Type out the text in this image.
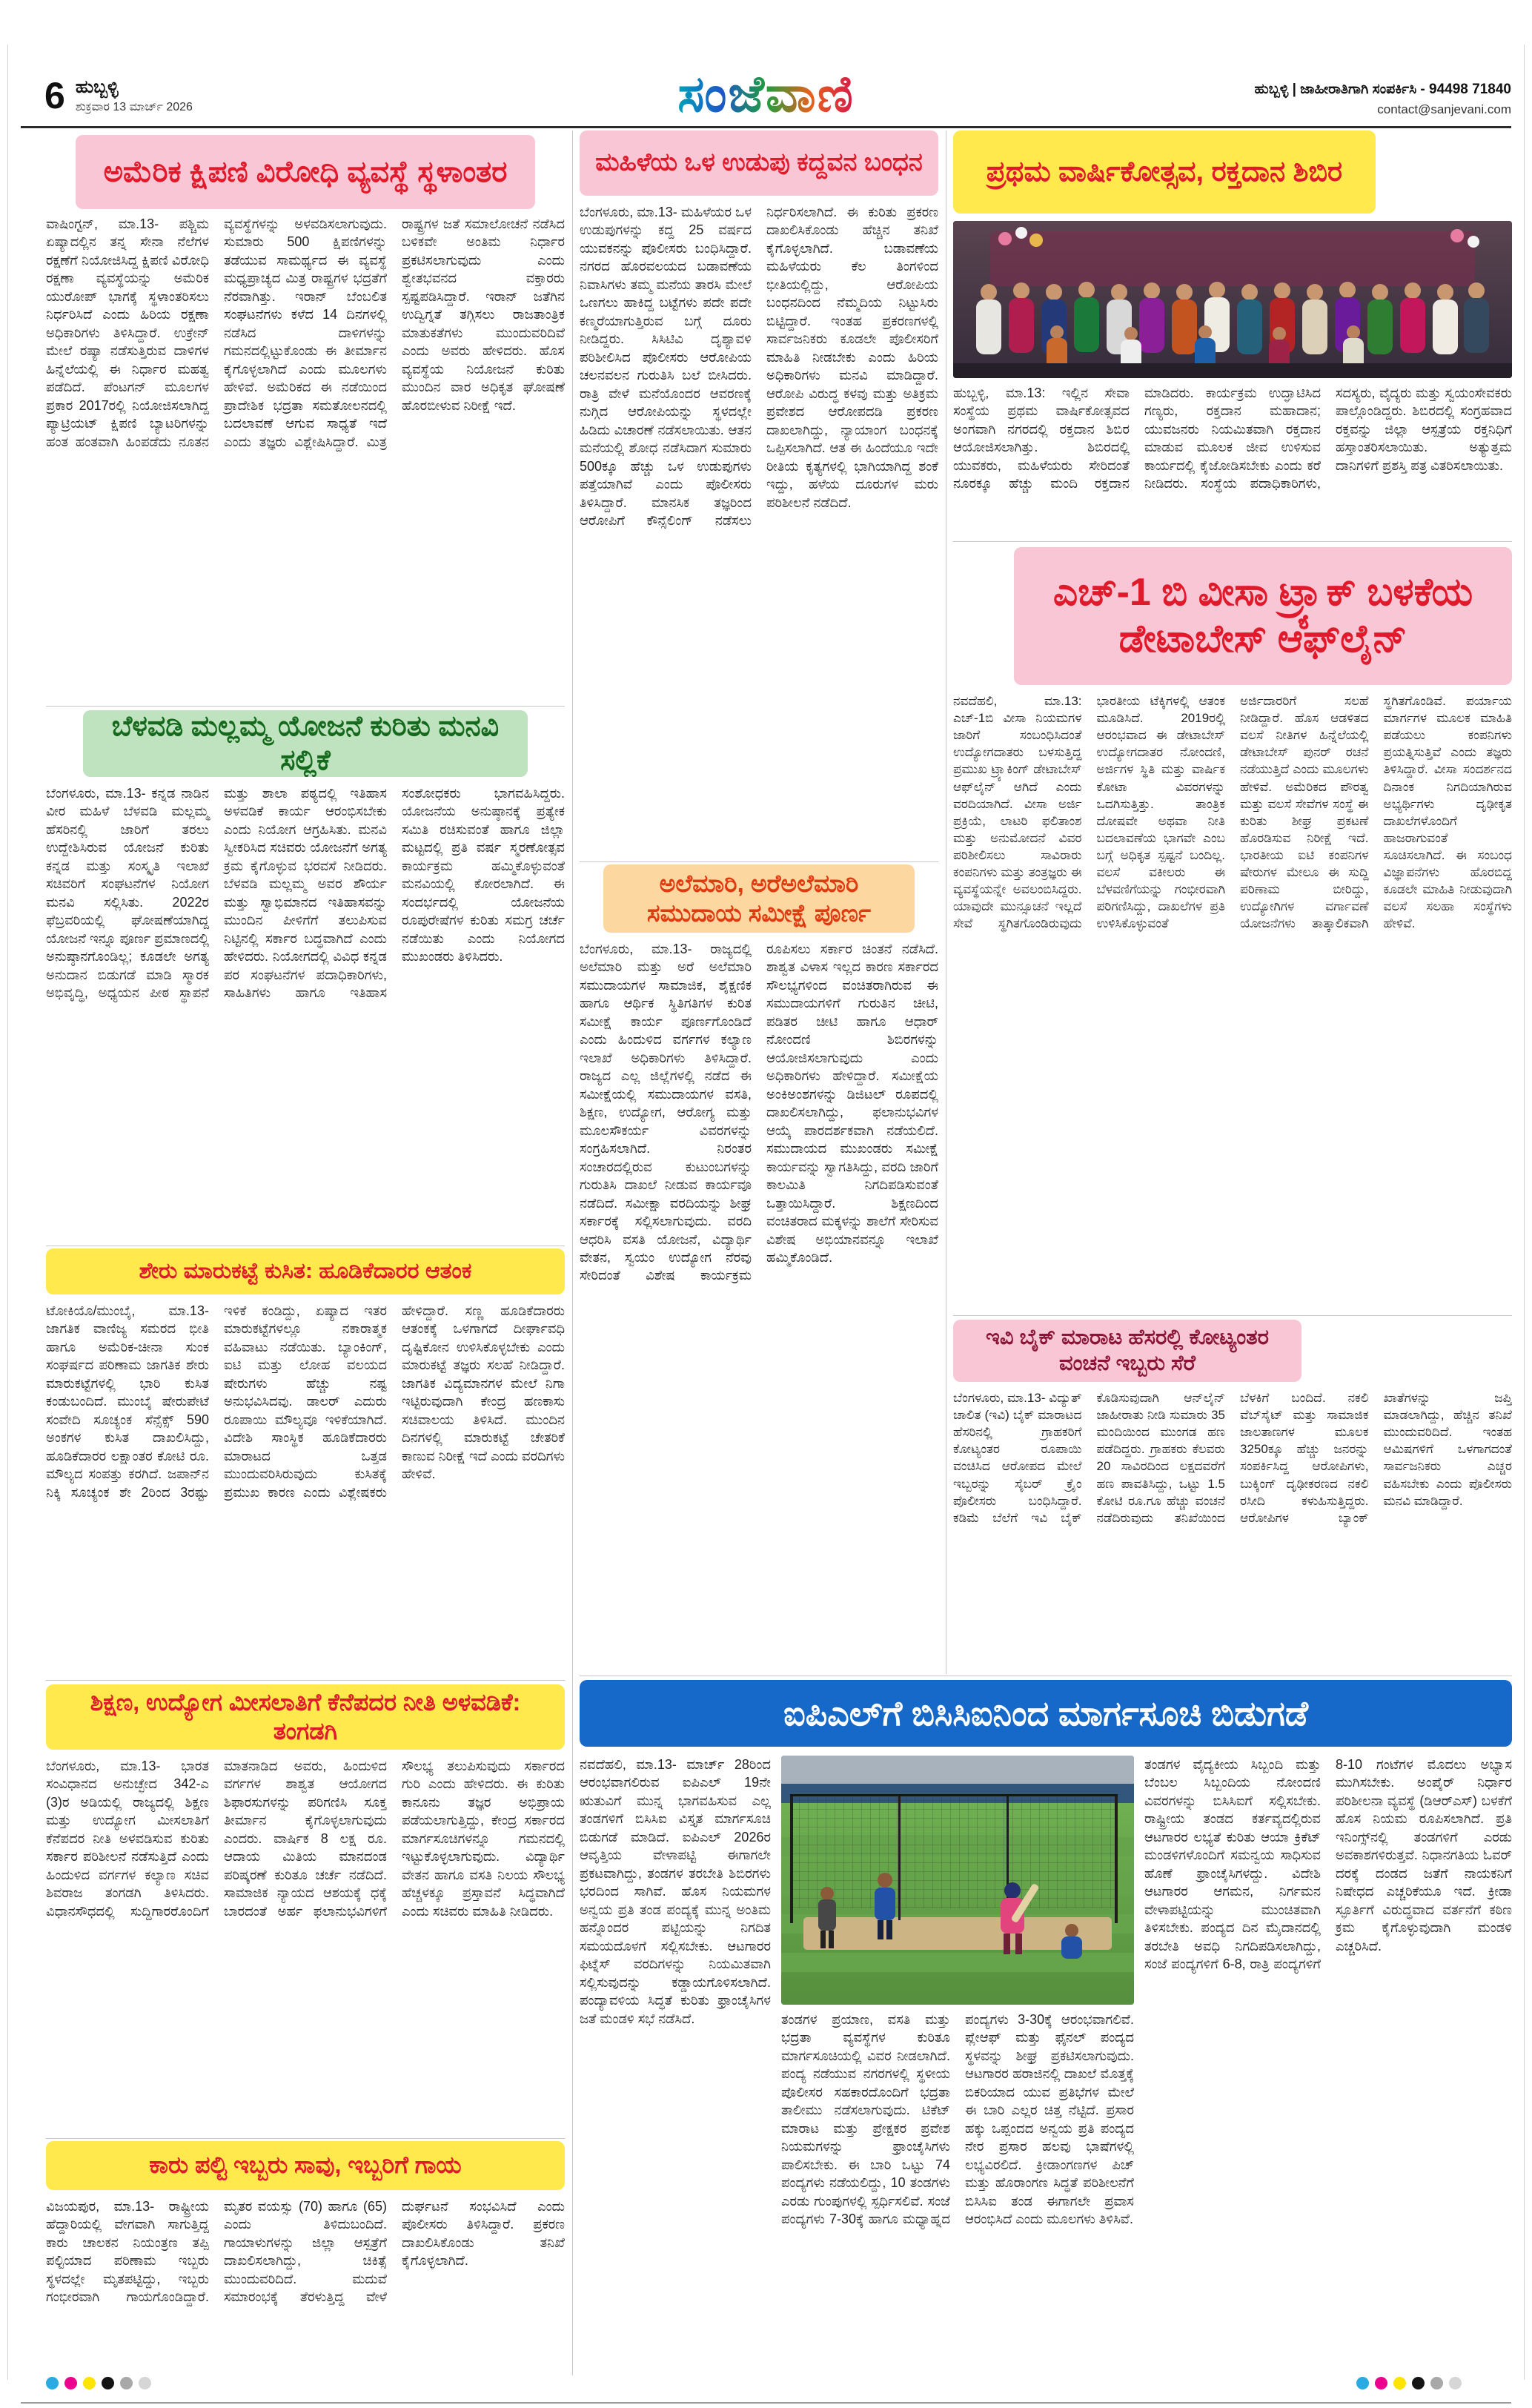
6 ಹುಬ್ಬಳ್ಳಿ
ಶುಕ್ರವಾರ 13 ಮಾರ್ಚ್ 2026	ಸಂಜೆವಾಣಿ	ಹುಬ್ಬಳ್ಳಿ | ಜಾಹೀರಾತಿಗಾಗಿ ಸಂಪರ್ಕಿಸಿ - 94498 71840
contact@sanjevani.com
ಅಮೆರಿಕ ಕ್ಷಿಪಣಿ ವಿರೋಧಿ ವ್ಯವಸ್ಥೆ ಸ್ಥಳಾಂತರ
ವಾಷಿಂಗ್ಟನ್, ಮಾ.13- ಪಶ್ಚಿಮ ಏಷ್ಯಾದಲ್ಲಿನ ತನ್ನ ಸೇನಾ ನೆಲೆಗಳ ರಕ್ಷಣೆಗೆ ನಿಯೋಜಿಸಿದ್ದ ಕ್ಷಿಪಣಿ ವಿರೋಧಿ ರಕ್ಷಣಾ ವ್ಯವಸ್ಥೆಯನ್ನು ಅಮೆರಿಕ ಯುರೋಪ್ ಭಾಗಕ್ಕೆ ಸ್ಥಳಾಂತರಿಸಲು ನಿರ್ಧರಿಸಿದೆ ಎಂದು ಹಿರಿಯ ರಕ್ಷಣಾ ಅಧಿಕಾರಿಗಳು ತಿಳಿಸಿದ್ದಾರೆ. ಉಕ್ರೇನ್ ಮೇಲೆ ರಷ್ಯಾ ನಡೆಸುತ್ತಿರುವ ದಾಳಿಗಳ ಹಿನ್ನೆಲೆಯಲ್ಲಿ ಈ ನಿರ್ಧಾರ ಮಹತ್ವ ಪಡೆದಿದೆ. ಪೆಂಟಗನ್ ಮೂಲಗಳ ಪ್ರಕಾರ 2017ರಲ್ಲಿ ನಿಯೋಜಿಸಲಾಗಿದ್ದ ಪ್ಯಾಟ್ರಿಯಟ್ ಕ್ಷಿಪಣಿ ಬ್ಯಾಟರಿಗಳನ್ನು ಹಂತ ಹಂತವಾಗಿ ಹಿಂಪಡೆದು ನೂತನ ವ್ಯವಸ್ಥೆಗಳನ್ನು ಅಳವಡಿಸಲಾಗುವುದು. ಸುಮಾರು 500 ಕ್ಷಿಪಣಿಗಳನ್ನು ತಡೆಯುವ ಸಾಮರ್ಥ್ಯದ ಈ ವ್ಯವಸ್ಥೆ ಮಧ್ಯಪ್ರಾಚ್ಯದ ಮಿತ್ರ ರಾಷ್ಟ್ರಗಳ ಭದ್ರತೆಗೆ ನೆರವಾಗಿತ್ತು. ಇರಾನ್ ಬೆಂಬಲಿತ ಸಂಘಟನೆಗಳು ಕಳೆದ 14 ದಿನಗಳಲ್ಲಿ ನಡೆಸಿದ ದಾಳಿಗಳನ್ನು ಗಮನದಲ್ಲಿಟ್ಟುಕೊಂಡು ಈ ತೀರ್ಮಾನ ಕೈಗೊಳ್ಳಲಾಗಿದೆ ಎಂದು ಮೂಲಗಳು ಹೇಳಿವೆ. ಅಮೆರಿಕದ ಈ ನಡೆಯಿಂದ ಪ್ರಾದೇಶಿಕ ಭದ್ರತಾ ಸಮತೋಲನದಲ್ಲಿ ಬದಲಾವಣೆ ಆಗುವ ಸಾಧ್ಯತೆ ಇದೆ ಎಂದು ತಜ್ಞರು ವಿಶ್ಲೇಷಿಸಿದ್ದಾರೆ. ಮಿತ್ರ ರಾಷ್ಟ್ರಗಳ ಜತೆ ಸಮಾಲೋಚನೆ ನಡೆಸಿದ ಬಳಿಕವೇ ಅಂತಿಮ ನಿರ್ಧಾರ ಪ್ರಕಟಿಸಲಾಗುವುದು ಎಂದು ಶ್ವೇತಭವನದ ವಕ್ತಾರರು ಸ್ಪಷ್ಟಪಡಿಸಿದ್ದಾರೆ. ಇರಾನ್ ಜತೆಗಿನ ಉದ್ವಿಗ್ನತೆ ತಗ್ಗಿಸಲು ರಾಜತಾಂತ್ರಿಕ ಮಾತುಕತೆಗಳು ಮುಂದುವರಿದಿವೆ ಎಂದು ಅವರು ಹೇಳಿದರು. ಹೊಸ ವ್ಯವಸ್ಥೆಯ ನಿಯೋಜನೆ ಕುರಿತು ಮುಂದಿನ ವಾರ ಅಧಿಕೃತ ಘೋಷಣೆ ಹೊರಬೀಳುವ ನಿರೀಕ್ಷೆ ಇದೆ.
ಬೆಳವಡಿ ಮಲ್ಲಮ್ಮ ಯೋಜನೆ ಕುರಿತು ಮನವಿ ಸಲ್ಲಿಕೆ
ಬೆಂಗಳೂರು, ಮಾ.13- ಕನ್ನಡ ನಾಡಿನ ವೀರ ಮಹಿಳೆ ಬೆಳವಡಿ ಮಲ್ಲಮ್ಮ ಹೆಸರಿನಲ್ಲಿ ಜಾರಿಗೆ ತರಲು ಉದ್ದೇಶಿಸಿರುವ ಯೋಜನೆ ಕುರಿತು ಕನ್ನಡ ಮತ್ತು ಸಂಸ್ಕೃತಿ ಇಲಾಖೆ ಸಚಿವರಿಗೆ ಸಂಘಟನೆಗಳ ನಿಯೋಗ ಮನವಿ ಸಲ್ಲಿಸಿತು. 2022ರ ಫೆಬ್ರವರಿಯಲ್ಲಿ ಘೋಷಣೆಯಾಗಿದ್ದ ಯೋಜನೆ ಇನ್ನೂ ಪೂರ್ಣ ಪ್ರಮಾಣದಲ್ಲಿ ಅನುಷ್ಠಾನಗೊಂಡಿಲ್ಲ; ಕೂಡಲೇ ಅಗತ್ಯ ಅನುದಾನ ಬಿಡುಗಡೆ ಮಾಡಿ ಸ್ಮಾರಕ ಅಭಿವೃದ್ಧಿ, ಅಧ್ಯಯನ ಪೀಠ ಸ್ಥಾಪನೆ ಮತ್ತು ಶಾಲಾ ಪಠ್ಯದಲ್ಲಿ ಇತಿಹಾಸ ಅಳವಡಿಕೆ ಕಾರ್ಯ ಆರಂಭಿಸಬೇಕು ಎಂದು ನಿಯೋಗ ಆಗ್ರಹಿಸಿತು. ಮನವಿ ಸ್ವೀಕರಿಸಿದ ಸಚಿವರು ಯೋಜನೆಗೆ ಅಗತ್ಯ ಕ್ರಮ ಕೈಗೊಳ್ಳುವ ಭರವಸೆ ನೀಡಿದರು. ಬೆಳವಡಿ ಮಲ್ಲಮ್ಮ ಅವರ ಶೌರ್ಯ ಮತ್ತು ಸ್ವಾಭಿಮಾನದ ಇತಿಹಾಸವನ್ನು ಮುಂದಿನ ಪೀಳಿಗೆಗೆ ತಲುಪಿಸುವ ನಿಟ್ಟಿನಲ್ಲಿ ಸರ್ಕಾರ ಬದ್ಧವಾಗಿದೆ ಎಂದು ಹೇಳಿದರು. ನಿಯೋಗದಲ್ಲಿ ವಿವಿಧ ಕನ್ನಡ ಪರ ಸಂಘಟನೆಗಳ ಪದಾಧಿಕಾರಿಗಳು, ಸಾಹಿತಿಗಳು ಹಾಗೂ ಇತಿಹಾಸ ಸಂಶೋಧಕರು ಭಾಗವಹಿಸಿದ್ದರು. ಯೋಜನೆಯ ಅನುಷ್ಠಾನಕ್ಕೆ ಪ್ರತ್ಯೇಕ ಸಮಿತಿ ರಚಿಸುವಂತೆ ಹಾಗೂ ಜಿಲ್ಲಾ ಮಟ್ಟದಲ್ಲಿ ಪ್ರತಿ ವರ್ಷ ಸ್ಮರಣೋತ್ಸವ ಕಾರ್ಯಕ್ರಮ ಹಮ್ಮಿಕೊಳ್ಳುವಂತೆ ಮನವಿಯಲ್ಲಿ ಕೋರಲಾಗಿದೆ. ಈ ಸಂದರ್ಭದಲ್ಲಿ ಯೋಜನೆಯ ರೂಪುರೇಷೆಗಳ ಕುರಿತು ಸಮಗ್ರ ಚರ್ಚೆ ನಡೆಯಿತು ಎಂದು ನಿಯೋಗದ ಮುಖಂಡರು ತಿಳಿಸಿದರು.
ಶೇರು ಮಾರುಕಟ್ಟೆ ಕುಸಿತ: ಹೂಡಿಕೆದಾರರ ಆತಂಕ
ಟೋಕಿಯೊ/ಮುಂಬೈ, ಮಾ.13- ಜಾಗತಿಕ ವಾಣಿಜ್ಯ ಸಮರದ ಭೀತಿ ಹಾಗೂ ಅಮೆರಿಕ-ಚೀನಾ ಸುಂಕ ಸಂಘರ್ಷದ ಪರಿಣಾಮ ಜಾಗತಿಕ ಶೇರು ಮಾರುಕಟ್ಟೆಗಳಲ್ಲಿ ಭಾರಿ ಕುಸಿತ ಕಂಡುಬಂದಿದೆ. ಮುಂಬೈ ಷೇರುಪೇಟೆ ಸಂವೇದಿ ಸೂಚ್ಯಂಕ ಸೆನ್ಸೆಕ್ಸ್ 590 ಅಂಕಗಳ ಕುಸಿತ ದಾಖಲಿಸಿದ್ದು, ಹೂಡಿಕೆದಾರರ ಲಕ್ಷಾಂತರ ಕೋಟಿ ರೂ. ಮೌಲ್ಯದ ಸಂಪತ್ತು ಕರಗಿದೆ. ಜಪಾನ್‌ನ ನಿಕ್ಕಿ ಸೂಚ್ಯಂಕ ಶೇ 2ರಿಂದ 3ರಷ್ಟು ಇಳಿಕೆ ಕಂಡಿದ್ದು, ಏಷ್ಯಾದ ಇತರ ಮಾರುಕಟ್ಟೆಗಳಲ್ಲೂ ನಕಾರಾತ್ಮಕ ವಹಿವಾಟು ನಡೆಯಿತು. ಬ್ಯಾಂಕಿಂಗ್, ಐಟಿ ಮತ್ತು ಲೋಹ ವಲಯದ ಷೇರುಗಳು ಹೆಚ್ಚು ನಷ್ಟ ಅನುಭವಿಸಿದವು. ಡಾಲರ್ ಎದುರು ರೂಪಾಯಿ ಮೌಲ್ಯವೂ ಇಳಿಕೆಯಾಗಿದೆ. ವಿದೇಶಿ ಸಾಂಸ್ಥಿಕ ಹೂಡಿಕೆದಾರರು ಮಾರಾಟದ ಒತ್ತಡ ಮುಂದುವರಿಸಿರುವುದು ಕುಸಿತಕ್ಕೆ ಪ್ರಮುಖ ಕಾರಣ ಎಂದು ವಿಶ್ಲೇಷಕರು ಹೇಳಿದ್ದಾರೆ. ಸಣ್ಣ ಹೂಡಿಕೆದಾರರು ಆತಂಕಕ್ಕೆ ಒಳಗಾಗದೆ ದೀರ್ಘಾವಧಿ ದೃಷ್ಟಿಕೋನ ಉಳಿಸಿಕೊಳ್ಳಬೇಕು ಎಂದು ಮಾರುಕಟ್ಟೆ ತಜ್ಞರು ಸಲಹೆ ನೀಡಿದ್ದಾರೆ. ಜಾಗತಿಕ ವಿದ್ಯಮಾನಗಳ ಮೇಲೆ ನಿಗಾ ಇಟ್ಟಿರುವುದಾಗಿ ಕೇಂದ್ರ ಹಣಕಾಸು ಸಚಿವಾಲಯ ತಿಳಿಸಿದೆ. ಮುಂದಿನ ದಿನಗಳಲ್ಲಿ ಮಾರುಕಟ್ಟೆ ಚೇತರಿಕೆ ಕಾಣುವ ನಿರೀಕ್ಷೆ ಇದೆ ಎಂದು ವರದಿಗಳು ಹೇಳಿವೆ.
ಶಿಕ್ಷಣ, ಉದ್ಯೋಗ ಮೀಸಲಾತಿಗೆ ಕೆನೆಪದರ ನೀತಿ ಅಳವಡಿಕೆ: ತಂಗಡಗಿ
ಬೆಂಗಳೂರು, ಮಾ.13- ಭಾರತ ಸಂವಿಧಾನದ ಅನುಚ್ಛೇದ 342-ಎ (3)ರ ಅಡಿಯಲ್ಲಿ ರಾಜ್ಯದಲ್ಲಿ ಶಿಕ್ಷಣ ಮತ್ತು ಉದ್ಯೋಗ ಮೀಸಲಾತಿಗೆ ಕೆನೆಪದರ ನೀತಿ ಅಳವಡಿಸುವ ಕುರಿತು ಸರ್ಕಾರ ಪರಿಶೀಲನೆ ನಡೆಸುತ್ತಿದೆ ಎಂದು ಹಿಂದುಳಿದ ವರ್ಗಗಳ ಕಲ್ಯಾಣ ಸಚಿವ ಶಿವರಾಜ ತಂಗಡಗಿ ತಿಳಿಸಿದರು. ವಿಧಾನಸೌಧದಲ್ಲಿ ಸುದ್ದಿಗಾರರೊಂದಿಗೆ ಮಾತನಾಡಿದ ಅವರು, ಹಿಂದುಳಿದ ವರ್ಗಗಳ ಶಾಶ್ವತ ಆಯೋಗದ ಶಿಫಾರಸುಗಳನ್ನು ಪರಿಗಣಿಸಿ ಸೂಕ್ತ ತೀರ್ಮಾನ ಕೈಗೊಳ್ಳಲಾಗುವುದು ಎಂದರು. ವಾರ್ಷಿಕ 8 ಲಕ್ಷ ರೂ. ಆದಾಯ ಮಿತಿಯ ಮಾನದಂಡ ಪರಿಷ್ಕರಣೆ ಕುರಿತೂ ಚರ್ಚೆ ನಡೆದಿದೆ. ಸಾಮಾಜಿಕ ನ್ಯಾಯದ ಆಶಯಕ್ಕೆ ಧಕ್ಕೆ ಬಾರದಂತೆ ಅರ್ಹ ಫಲಾನುಭವಿಗಳಿಗೆ ಸೌಲಭ್ಯ ತಲುಪಿಸುವುದು ಸರ್ಕಾರದ ಗುರಿ ಎಂದು ಹೇಳಿದರು. ಈ ಕುರಿತು ಕಾನೂನು ತಜ್ಞರ ಅಭಿಪ್ರಾಯ ಪಡೆಯಲಾಗುತ್ತಿದ್ದು, ಕೇಂದ್ರ ಸರ್ಕಾರದ ಮಾರ್ಗಸೂಚಿಗಳನ್ನೂ ಗಮನದಲ್ಲಿ ಇಟ್ಟುಕೊಳ್ಳಲಾಗುವುದು. ವಿದ್ಯಾರ್ಥಿ ವೇತನ ಹಾಗೂ ವಸತಿ ನಿಲಯ ಸೌಲಭ್ಯ ಹೆಚ್ಚಳಕ್ಕೂ ಪ್ರಸ್ತಾವನೆ ಸಿದ್ಧವಾಗಿದೆ ಎಂದು ಸಚಿವರು ಮಾಹಿತಿ ನೀಡಿದರು.
ಕಾರು ಪಲ್ಟಿ ಇಬ್ಬರು ಸಾವು, ಇಬ್ಬರಿಗೆ ಗಾಯ
ವಿಜಯಪುರ, ಮಾ.13- ರಾಷ್ಟ್ರೀಯ ಹೆದ್ದಾರಿಯಲ್ಲಿ ವೇಗವಾಗಿ ಸಾಗುತ್ತಿದ್ದ ಕಾರು ಚಾಲಕನ ನಿಯಂತ್ರಣ ತಪ್ಪಿ ಪಲ್ಟಿಯಾದ ಪರಿಣಾಮ ಇಬ್ಬರು ಸ್ಥಳದಲ್ಲೇ ಮೃತಪಟ್ಟಿದ್ದು, ಇಬ್ಬರು ಗಂಭೀರವಾಗಿ ಗಾಯಗೊಂಡಿದ್ದಾರೆ. ಮೃತರ ವಯಸ್ಸು (70) ಹಾಗೂ (65) ಎಂದು ತಿಳಿದುಬಂದಿದೆ. ಗಾಯಾಳುಗಳನ್ನು ಜಿಲ್ಲಾ ಆಸ್ಪತ್ರೆಗೆ ದಾಖಲಿಸಲಾಗಿದ್ದು, ಚಿಕಿತ್ಸೆ ಮುಂದುವರಿದಿದೆ. ಮದುವೆ ಸಮಾರಂಭಕ್ಕೆ ತೆರಳುತ್ತಿದ್ದ ವೇಳೆ ದುರ್ಘಟನೆ ಸಂಭವಿಸಿದೆ ಎಂದು ಪೊಲೀಸರು ತಿಳಿಸಿದ್ದಾರೆ. ಪ್ರಕರಣ ದಾಖಲಿಸಿಕೊಂಡು ತನಿಖೆ ಕೈಗೊಳ್ಳಲಾಗಿದೆ.
ಮಹಿಳೆಯ ಒಳ ಉಡುಪು ಕದ್ದವನ ಬಂಧನ
ಬೆಂಗಳೂರು, ಮಾ.13- ಮಹಿಳೆಯರ ಒಳ ಉಡುಪುಗಳನ್ನು ಕದ್ದ 25 ವರ್ಷದ ಯುವಕನನ್ನು ಪೊಲೀಸರು ಬಂಧಿಸಿದ್ದಾರೆ. ನಗರದ ಹೊರವಲಯದ ಬಡಾವಣೆಯ ನಿವಾಸಿಗಳು ತಮ್ಮ ಮನೆಯ ತಾರಸಿ ಮೇಲೆ ಒಣಗಲು ಹಾಕಿದ್ದ ಬಟ್ಟೆಗಳು ಪದೇ ಪದೇ ಕಣ್ಮರೆಯಾಗುತ್ತಿರುವ ಬಗ್ಗೆ ದೂರು ನೀಡಿದ್ದರು. ಸಿಸಿಟಿವಿ ದೃಶ್ಯಾವಳಿ ಪರಿಶೀಲಿಸಿದ ಪೊಲೀಸರು ಆರೋಪಿಯ ಚಲನವಲನ ಗುರುತಿಸಿ ಬಲೆ ಬೀಸಿದರು. ರಾತ್ರಿ ವೇಳೆ ಮನೆಯೊಂದರ ಆವರಣಕ್ಕೆ ನುಗ್ಗಿದ ಆರೋಪಿಯನ್ನು ಸ್ಥಳದಲ್ಲೇ ಹಿಡಿದು ವಿಚಾರಣೆ ನಡೆಸಲಾಯಿತು. ಆತನ ಮನೆಯಲ್ಲಿ ಶೋಧ ನಡೆಸಿದಾಗ ಸುಮಾರು 500ಕ್ಕೂ ಹೆಚ್ಚು ಒಳ ಉಡುಪುಗಳು ಪತ್ತೆಯಾಗಿವೆ ಎಂದು ಪೊಲೀಸರು ತಿಳಿಸಿದ್ದಾರೆ. ಮಾನಸಿಕ ತಜ್ಞರಿಂದ ಆರೋಪಿಗೆ ಕೌನ್ಸೆಲಿಂಗ್ ನಡೆಸಲು ನಿರ್ಧರಿಸಲಾಗಿದೆ. ಈ ಕುರಿತು ಪ್ರಕರಣ ದಾಖಲಿಸಿಕೊಂಡು ಹೆಚ್ಚಿನ ತನಿಖೆ ಕೈಗೊಳ್ಳಲಾಗಿದೆ. ಬಡಾವಣೆಯ ಮಹಿಳೆಯರು ಕೆಲ ತಿಂಗಳಿಂದ ಭೀತಿಯಲ್ಲಿದ್ದು, ಆರೋಪಿಯ ಬಂಧನದಿಂದ ನೆಮ್ಮದಿಯ ನಿಟ್ಟುಸಿರು ಬಿಟ್ಟಿದ್ದಾರೆ. ಇಂತಹ ಪ್ರಕರಣಗಳಲ್ಲಿ ಸಾರ್ವಜನಿಕರು ಕೂಡಲೇ ಪೊಲೀಸರಿಗೆ ಮಾಹಿತಿ ನೀಡಬೇಕು ಎಂದು ಹಿರಿಯ ಅಧಿಕಾರಿಗಳು ಮನವಿ ಮಾಡಿದ್ದಾರೆ. ಆರೋಪಿ ವಿರುದ್ಧ ಕಳವು ಮತ್ತು ಅತಿಕ್ರಮ ಪ್ರವೇಶದ ಆರೋಪದಡಿ ಪ್ರಕರಣ ದಾಖಲಾಗಿದ್ದು, ನ್ಯಾಯಾಂಗ ಬಂಧನಕ್ಕೆ ಒಪ್ಪಿಸಲಾಗಿದೆ. ಆತ ಈ ಹಿಂದೆಯೂ ಇದೇ ರೀತಿಯ ಕೃತ್ಯಗಳಲ್ಲಿ ಭಾಗಿಯಾಗಿದ್ದ ಶಂಕೆ ಇದ್ದು, ಹಳೆಯ ದೂರುಗಳ ಮರು ಪರಿಶೀಲನೆ ನಡೆದಿದೆ.
ಅಲೆಮಾರಿ, ಅರೆಅಲೆಮಾರಿ ಸಮುದಾಯ ಸಮೀಕ್ಷೆ ಪೂರ್ಣ
ಬೆಂಗಳೂರು, ಮಾ.13- ರಾಜ್ಯದಲ್ಲಿ ಅಲೆಮಾರಿ ಮತ್ತು ಅರೆ ಅಲೆಮಾರಿ ಸಮುದಾಯಗಳ ಸಾಮಾಜಿಕ, ಶೈಕ್ಷಣಿಕ ಹಾಗೂ ಆರ್ಥಿಕ ಸ್ಥಿತಿಗತಿಗಳ ಕುರಿತ ಸಮೀಕ್ಷೆ ಕಾರ್ಯ ಪೂರ್ಣಗೊಂಡಿದೆ ಎಂದು ಹಿಂದುಳಿದ ವರ್ಗಗಳ ಕಲ್ಯಾಣ ಇಲಾಖೆ ಅಧಿಕಾರಿಗಳು ತಿಳಿಸಿದ್ದಾರೆ. ರಾಜ್ಯದ ಎಲ್ಲ ಜಿಲ್ಲೆಗಳಲ್ಲಿ ನಡೆದ ಈ ಸಮೀಕ್ಷೆಯಲ್ಲಿ ಸಮುದಾಯಗಳ ವಸತಿ, ಶಿಕ್ಷಣ, ಉದ್ಯೋಗ, ಆರೋಗ್ಯ ಮತ್ತು ಮೂಲಸೌಕರ್ಯ ವಿವರಗಳನ್ನು ಸಂಗ್ರಹಿಸಲಾಗಿದೆ. ನಿರಂತರ ಸಂಚಾರದಲ್ಲಿರುವ ಕುಟುಂಬಗಳನ್ನು ಗುರುತಿಸಿ ದಾಖಲೆ ನೀಡುವ ಕಾರ್ಯವೂ ನಡೆದಿದೆ. ಸಮೀಕ್ಷಾ ವರದಿಯನ್ನು ಶೀಘ್ರ ಸರ್ಕಾರಕ್ಕೆ ಸಲ್ಲಿಸಲಾಗುವುದು. ವರದಿ ಆಧರಿಸಿ ವಸತಿ ಯೋಜನೆ, ವಿದ್ಯಾರ್ಥಿ ವೇತನ, ಸ್ವಯಂ ಉದ್ಯೋಗ ನೆರವು ಸೇರಿದಂತೆ ವಿಶೇಷ ಕಾರ್ಯಕ್ರಮ ರೂಪಿಸಲು ಸರ್ಕಾರ ಚಿಂತನೆ ನಡೆಸಿದೆ. ಶಾಶ್ವತ ವಿಳಾಸ ಇಲ್ಲದ ಕಾರಣ ಸರ್ಕಾರದ ಸೌಲಭ್ಯಗಳಿಂದ ವಂಚಿತರಾಗಿರುವ ಈ ಸಮುದಾಯಗಳಿಗೆ ಗುರುತಿನ ಚೀಟಿ, ಪಡಿತರ ಚೀಟಿ ಹಾಗೂ ಆಧಾರ್ ನೋಂದಣಿ ಶಿಬಿರಗಳನ್ನು ಆಯೋಜಿಸಲಾಗುವುದು ಎಂದು ಅಧಿಕಾರಿಗಳು ಹೇಳಿದ್ದಾರೆ. ಸಮೀಕ್ಷೆಯ ಅಂಕಿಅಂಶಗಳನ್ನು ಡಿಜಿಟಲ್ ರೂಪದಲ್ಲಿ ದಾಖಲಿಸಲಾಗಿದ್ದು, ಫಲಾನುಭವಿಗಳ ಆಯ್ಕೆ ಪಾರದರ್ಶಕವಾಗಿ ನಡೆಯಲಿದೆ. ಸಮುದಾಯದ ಮುಖಂಡರು ಸಮೀಕ್ಷೆ ಕಾರ್ಯವನ್ನು ಸ್ವಾಗತಿಸಿದ್ದು, ವರದಿ ಜಾರಿಗೆ ಕಾಲಮಿತಿ ನಿಗದಿಪಡಿಸುವಂತೆ ಒತ್ತಾಯಿಸಿದ್ದಾರೆ. ಶಿಕ್ಷಣದಿಂದ ವಂಚಿತರಾದ ಮಕ್ಕಳನ್ನು ಶಾಲೆಗೆ ಸೇರಿಸುವ ವಿಶೇಷ ಅಭಿಯಾನವನ್ನೂ ಇಲಾಖೆ ಹಮ್ಮಿಕೊಂಡಿದೆ.
ಪ್ರಥಮ ವಾರ್ಷಿಕೋತ್ಸವ, ರಕ್ತದಾನ ಶಿಬಿರ
ಹುಬ್ಬಳ್ಳಿ, ಮಾ.13: ಇಲ್ಲಿನ ಸೇವಾ ಸಂಸ್ಥೆಯ ಪ್ರಥಮ ವಾರ್ಷಿಕೋತ್ಸವದ ಅಂಗವಾಗಿ ನಗರದಲ್ಲಿ ರಕ್ತದಾನ ಶಿಬಿರ ಆಯೋಜಿಸಲಾಗಿತ್ತು. ಶಿಬಿರದಲ್ಲಿ ಯುವಕರು, ಮಹಿಳೆಯರು ಸೇರಿದಂತೆ ನೂರಕ್ಕೂ ಹೆಚ್ಚು ಮಂದಿ ರಕ್ತದಾನ ಮಾಡಿದರು. ಕಾರ್ಯಕ್ರಮ ಉದ್ಘಾಟಿಸಿದ ಗಣ್ಯರು, ರಕ್ತದಾನ ಮಹಾದಾನ; ಯುವಜನರು ನಿಯಮಿತವಾಗಿ ರಕ್ತದಾನ ಮಾಡುವ ಮೂಲಕ ಜೀವ ಉಳಿಸುವ ಕಾರ್ಯದಲ್ಲಿ ಕೈಜೋಡಿಸಬೇಕು ಎಂದು ಕರೆ ನೀಡಿದರು. ಸಂಸ್ಥೆಯ ಪದಾಧಿಕಾರಿಗಳು, ಸದಸ್ಯರು, ವೈದ್ಯರು ಮತ್ತು ಸ್ವಯಂಸೇವಕರು ಪಾಲ್ಗೊಂಡಿದ್ದರು. ಶಿಬಿರದಲ್ಲಿ ಸಂಗ್ರಹವಾದ ರಕ್ತವನ್ನು ಜಿಲ್ಲಾ ಆಸ್ಪತ್ರೆಯ ರಕ್ತನಿಧಿಗೆ ಹಸ್ತಾಂತರಿಸಲಾಯಿತು. ಅತ್ಯುತ್ತಮ ದಾನಿಗಳಿಗೆ ಪ್ರಶಸ್ತಿ ಪತ್ರ ವಿತರಿಸಲಾಯಿತು.
ಎಚ್-1 ಬಿ ವೀಸಾ ಟ್ರ್ಯಾಕ್ ಬಳಕೆಯ ಡೇಟಾಬೇಸ್ ಆಫ್‌ಲೈನ್
ನವದೆಹಲಿ, ಮಾ.13: ಎಚ್-1ಬಿ ವೀಸಾ ನಿಯಮಗಳ ಜಾರಿಗೆ ಸಂಬಂಧಿಸಿದಂತೆ ಉದ್ಯೋಗದಾತರು ಬಳಸುತ್ತಿದ್ದ ಪ್ರಮುಖ ಟ್ರ್ಯಾಕಿಂಗ್ ಡೇಟಾಬೇಸ್ ಆಫ್‌ಲೈನ್ ಆಗಿದೆ ಎಂದು ವರದಿಯಾಗಿದೆ. ವೀಸಾ ಅರ್ಜಿ ಪ್ರಕ್ರಿಯೆ, ಲಾಟರಿ ಫಲಿತಾಂಶ ಮತ್ತು ಅನುಮೋದನೆ ವಿವರ ಪರಿಶೀಲಿಸಲು ಸಾವಿರಾರು ಕಂಪನಿಗಳು ಮತ್ತು ತಂತ್ರಜ್ಞರು ಈ ವ್ಯವಸ್ಥೆಯನ್ನೇ ಅವಲಂಬಿಸಿದ್ದರು. ಯಾವುದೇ ಮುನ್ಸೂಚನೆ ಇಲ್ಲದೆ ಸೇವೆ ಸ್ಥಗಿತಗೊಂಡಿರುವುದು ಭಾರತೀಯ ಟೆಕ್ಕಿಗಳಲ್ಲಿ ಆತಂಕ ಮೂಡಿಸಿದೆ. 2019ರಲ್ಲಿ ಆರಂಭವಾದ ಈ ಡೇಟಾಬೇಸ್ ಉದ್ಯೋಗದಾತರ ನೋಂದಣಿ, ಅರ್ಜಿಗಳ ಸ್ಥಿತಿ ಮತ್ತು ವಾರ್ಷಿಕ ಕೋಟಾ ವಿವರಗಳನ್ನು ಒದಗಿಸುತ್ತಿತ್ತು. ತಾಂತ್ರಿಕ ದೋಷವೇ ಅಥವಾ ನೀತಿ ಬದಲಾವಣೆಯ ಭಾಗವೇ ಎಂಬ ಬಗ್ಗೆ ಅಧಿಕೃತ ಸ್ಪಷ್ಟನೆ ಬಂದಿಲ್ಲ. ವಲಸೆ ವಕೀಲರು ಈ ಬೆಳವಣಿಗೆಯನ್ನು ಗಂಭೀರವಾಗಿ ಪರಿಗಣಿಸಿದ್ದು, ದಾಖಲೆಗಳ ಪ್ರತಿ ಉಳಿಸಿಕೊಳ್ಳುವಂತೆ ಅರ್ಜಿದಾರರಿಗೆ ಸಲಹೆ ನೀಡಿದ್ದಾರೆ. ಹೊಸ ಆಡಳಿತದ ವಲಸೆ ನೀತಿಗಳ ಹಿನ್ನೆಲೆಯಲ್ಲಿ ಡೇಟಾಬೇಸ್ ಪುನರ್ ರಚನೆ ನಡೆಯುತ್ತಿದೆ ಎಂದು ಮೂಲಗಳು ಹೇಳಿವೆ. ಅಮೆರಿಕದ ಪೌರತ್ವ ಮತ್ತು ವಲಸೆ ಸೇವೆಗಳ ಸಂಸ್ಥೆ ಈ ಕುರಿತು ಶೀಘ್ರ ಪ್ರಕಟಣೆ ಹೊರಡಿಸುವ ನಿರೀಕ್ಷೆ ಇದೆ. ಭಾರತೀಯ ಐಟಿ ಕಂಪನಿಗಳ ಷೇರುಗಳ ಮೇಲೂ ಈ ಸುದ್ದಿ ಪರಿಣಾಮ ಬೀರಿದ್ದು, ಉದ್ಯೋಗಿಗಳ ವರ್ಗಾವಣೆ ಯೋಜನೆಗಳು ತಾತ್ಕಾಲಿಕವಾಗಿ ಸ್ಥಗಿತಗೊಂಡಿವೆ. ಪರ್ಯಾಯ ಮಾರ್ಗಗಳ ಮೂಲಕ ಮಾಹಿತಿ ಪಡೆಯಲು ಕಂಪನಿಗಳು ಪ್ರಯತ್ನಿಸುತ್ತಿವೆ ಎಂದು ತಜ್ಞರು ತಿಳಿಸಿದ್ದಾರೆ. ವೀಸಾ ಸಂದರ್ಶನದ ದಿನಾಂಕ ನಿಗದಿಯಾಗಿರುವ ಅಭ್ಯರ್ಥಿಗಳು ದೃಢೀಕೃತ ದಾಖಲೆಗಳೊಂದಿಗೆ ಹಾಜರಾಗುವಂತೆ ಸೂಚಿಸಲಾಗಿದೆ. ಈ ಸಂಬಂಧ ವಿಜ್ಞಾಪನೆಗಳು ಹೊರಬಿದ್ದ ಕೂಡಲೇ ಮಾಹಿತಿ ನೀಡುವುದಾಗಿ ವಲಸೆ ಸಲಹಾ ಸಂಸ್ಥೆಗಳು ಹೇಳಿವೆ.
ಇವಿ ಬೈಕ್ ಮಾರಾಟ ಹೆಸರಲ್ಲಿ ಕೋಟ್ಯಂತರ ವಂಚನೆ ಇಬ್ಬರು ಸೆರೆ
ಬೆಂಗಳೂರು, ಮಾ.13- ವಿದ್ಯುತ್ ಚಾಲಿತ (ಇವಿ) ಬೈಕ್ ಮಾರಾಟದ ಹೆಸರಿನಲ್ಲಿ ಗ್ರಾಹಕರಿಗೆ ಕೋಟ್ಯಂತರ ರೂಪಾಯಿ ವಂಚಿಸಿದ ಆರೋಪದ ಮೇಲೆ ಇಬ್ಬರನ್ನು ಸೈಬರ್ ಕ್ರೈಂ ಪೊಲೀಸರು ಬಂಧಿಸಿದ್ದಾರೆ. ಕಡಿಮೆ ಬೆಲೆಗೆ ಇವಿ ಬೈಕ್ ಕೊಡಿಸುವುದಾಗಿ ಆನ್‌ಲೈನ್ ಜಾಹೀರಾತು ನೀಡಿ ಸುಮಾರು 35 ಮಂದಿಯಿಂದ ಮುಂಗಡ ಹಣ ಪಡೆದಿದ್ದರು. ಗ್ರಾಹಕರು ಕೆಲವರು 20 ಸಾವಿರದಿಂದ ಲಕ್ಷದವರೆಗೆ ಹಣ ಪಾವತಿಸಿದ್ದು, ಒಟ್ಟು 1.5 ಕೋಟಿ ರೂ.ಗೂ ಹೆಚ್ಚು ವಂಚನೆ ನಡೆದಿರುವುದು ತನಿಖೆಯಿಂದ ಬೆಳಕಿಗೆ ಬಂದಿದೆ. ನಕಲಿ ವೆಬ್‌ಸೈಟ್ ಮತ್ತು ಸಾಮಾಜಿಕ ಜಾಲತಾಣಗಳ ಮೂಲಕ 3250ಕ್ಕೂ ಹೆಚ್ಚು ಜನರನ್ನು ಸಂಪರ್ಕಿಸಿದ್ದ ಆರೋಪಿಗಳು, ಬುಕ್ಕಿಂಗ್ ದೃಢೀಕರಣದ ನಕಲಿ ರಸೀದಿ ಕಳುಹಿಸುತ್ತಿದ್ದರು. ಆರೋಪಿಗಳ ಬ್ಯಾಂಕ್ ಖಾತೆಗಳನ್ನು ಜಪ್ತಿ ಮಾಡಲಾಗಿದ್ದು, ಹೆಚ್ಚಿನ ತನಿಖೆ ಮುಂದುವರಿದಿದೆ. ಇಂತಹ ಆಮಿಷಗಳಿಗೆ ಒಳಗಾಗದಂತೆ ಸಾರ್ವಜನಿಕರು ಎಚ್ಚರ ವಹಿಸಬೇಕು ಎಂದು ಪೊಲೀಸರು ಮನವಿ ಮಾಡಿದ್ದಾರೆ.
ಐಪಿಎಲ್‌ಗೆ ಬಿಸಿಸಿಐನಿಂದ ಮಾರ್ಗಸೂಚಿ ಬಿಡುಗಡೆ
ನವದೆಹಲಿ, ಮಾ.13- ಮಾರ್ಚ್ 28ರಿಂದ ಆರಂಭವಾಗಲಿರುವ ಐಪಿಎಲ್ 19ನೇ ಋತುವಿಗೆ ಮುನ್ನ ಭಾಗವಹಿಸುವ ಎಲ್ಲ ತಂಡಗಳಿಗೆ ಬಿಸಿಸಿಐ ವಿಸ್ತೃತ ಮಾರ್ಗಸೂಚಿ ಬಿಡುಗಡೆ ಮಾಡಿದೆ. ಐಪಿಎಲ್ 2026ರ ಆವೃತ್ತಿಯ ವೇಳಾಪಟ್ಟಿ ಈಗಾಗಲೇ ಪ್ರಕಟವಾಗಿದ್ದು, ತಂಡಗಳ ತರಬೇತಿ ಶಿಬಿರಗಳು ಭರದಿಂದ ಸಾಗಿವೆ. ಹೊಸ ನಿಯಮಗಳ ಅನ್ವಯ ಪ್ರತಿ ತಂಡ ಪಂದ್ಯಕ್ಕೆ ಮುನ್ನ ಅಂತಿಮ ಹನ್ನೊಂದರ ಪಟ್ಟಿಯನ್ನು ನಿಗದಿತ ಸಮಯದೊಳಗೆ ಸಲ್ಲಿಸಬೇಕು. ಆಟಗಾರರ ಫಿಟ್ನೆಸ್ ವರದಿಗಳನ್ನು ನಿಯಮಿತವಾಗಿ ಸಲ್ಲಿಸುವುದನ್ನು ಕಡ್ಡಾಯಗೊಳಿಸಲಾಗಿದೆ. ಪಂದ್ಯಾವಳಿಯ ಸಿದ್ಧತೆ ಕುರಿತು ಫ್ರಾಂಚೈಸಿಗಳ ಜತೆ ಮಂಡಳಿ ಸಭೆ ನಡೆಸಿದೆ.	ತಂಡಗಳ ಪ್ರಯಾಣ, ವಸತಿ ಮತ್ತು ಭದ್ರತಾ ವ್ಯವಸ್ಥೆಗಳ ಕುರಿತೂ ಮಾರ್ಗಸೂಚಿಯಲ್ಲಿ ವಿವರ ನೀಡಲಾಗಿದೆ. ಪಂದ್ಯ ನಡೆಯುವ ನಗರಗಳಲ್ಲಿ ಸ್ಥಳೀಯ ಪೊಲೀಸರ ಸಹಕಾರದೊಂದಿಗೆ ಭದ್ರತಾ ತಾಲೀಮು ನಡೆಸಲಾಗುವುದು. ಟಿಕೆಟ್ ಮಾರಾಟ ಮತ್ತು ಪ್ರೇಕ್ಷಕರ ಪ್ರವೇಶ ನಿಯಮಗಳನ್ನು ಫ್ರಾಂಚೈಸಿಗಳು ಪಾಲಿಸಬೇಕು. ಈ ಬಾರಿ ಒಟ್ಟು 74 ಪಂದ್ಯಗಳು ನಡೆಯಲಿದ್ದು, 10 ತಂಡಗಳು ಎರಡು ಗುಂಪುಗಳಲ್ಲಿ ಸ್ಪರ್ಧಿಸಲಿವೆ. ಸಂಜೆ ಪಂದ್ಯಗಳು 7-30ಕ್ಕೆ ಹಾಗೂ ಮಧ್ಯಾಹ್ನದ ಪಂದ್ಯಗಳು 3-30ಕ್ಕೆ ಆರಂಭವಾಗಲಿವೆ. ಪ್ಲೇಆಫ್ ಮತ್ತು ಫೈನಲ್ ಪಂದ್ಯದ ಸ್ಥಳವನ್ನು ಶೀಘ್ರ ಪ್ರಕಟಿಸಲಾಗುವುದು. ಆಟಗಾರರ ಹರಾಜಿನಲ್ಲಿ ದಾಖಲೆ ಮೊತ್ತಕ್ಕೆ ಬಿಕರಿಯಾದ ಯುವ ಪ್ರತಿಭೆಗಳ ಮೇಲೆ ಈ ಬಾರಿ ಎಲ್ಲರ ಚಿತ್ತ ನೆಟ್ಟಿದೆ. ಪ್ರಸಾರ ಹಕ್ಕು ಒಪ್ಪಂದದ ಅನ್ವಯ ಪ್ರತಿ ಪಂದ್ಯದ ನೇರ ಪ್ರಸಾರ ಹಲವು ಭಾಷೆಗಳಲ್ಲಿ ಲಭ್ಯವಿರಲಿದೆ. ಕ್ರೀಡಾಂಗಣಗಳ ಪಿಚ್ ಮತ್ತು ಹೊರಾಂಗಣ ಸಿದ್ಧತೆ ಪರಿಶೀಲನೆಗೆ ಬಿಸಿಸಿಐ ತಂಡ ಈಗಾಗಲೇ ಪ್ರವಾಸ ಆರಂಭಿಸಿದೆ ಎಂದು ಮೂಲಗಳು ತಿಳಿಸಿವೆ.
ತಂಡಗಳ ವೈದ್ಯಕೀಯ ಸಿಬ್ಬಂದಿ ಮತ್ತು ಬೆಂಬಲ ಸಿಬ್ಬಂದಿಯ ನೋಂದಣಿ ವಿವರಗಳನ್ನು ಬಿಸಿಸಿಐಗೆ ಸಲ್ಲಿಸಬೇಕು. ರಾಷ್ಟ್ರೀಯ ತಂಡದ ಕರ್ತವ್ಯದಲ್ಲಿರುವ ಆಟಗಾರರ ಲಭ್ಯತೆ ಕುರಿತು ಆಯಾ ಕ್ರಿಕೆಟ್ ಮಂಡಳಿಗಳೊಂದಿಗೆ ಸಮನ್ವಯ ಸಾಧಿಸುವ ಹೊಣೆ ಫ್ರಾಂಚೈಸಿಗಳದ್ದು. ವಿದೇಶಿ ಆಟಗಾರರ ಆಗಮನ, ನಿರ್ಗಮನ ವೇಳಾಪಟ್ಟಿಯನ್ನು ಮುಂಚಿತವಾಗಿ ತಿಳಿಸಬೇಕು. ಪಂದ್ಯದ ದಿನ ಮೈದಾನದಲ್ಲಿ ತರಬೇತಿ ಅವಧಿ ನಿಗದಿಪಡಿಸಲಾಗಿದ್ದು, ಸಂಜೆ ಪಂದ್ಯಗಳಿಗೆ 6-8, ರಾತ್ರಿ ಪಂದ್ಯಗಳಿಗೆ 8-10 ಗಂಟೆಗಳ ಮೊದಲು ಅಭ್ಯಾಸ ಮುಗಿಸಬೇಕು. ಅಂಪೈರ್ ನಿರ್ಧಾರ ಪರಿಶೀಲನಾ ವ್ಯವಸ್ಥೆ (ಡಿಆರ್‌ಎಸ್) ಬಳಕೆಗೆ ಹೊಸ ನಿಯಮ ರೂಪಿಸಲಾಗಿದೆ. ಪ್ರತಿ ಇನಿಂಗ್ಸ್‌ನಲ್ಲಿ ತಂಡಗಳಿಗೆ ಎರಡು ಅವಕಾಶಗಳಿರುತ್ತವೆ. ನಿಧಾನಗತಿಯ ಓವರ್ ದರಕ್ಕೆ ದಂಡದ ಜತೆಗೆ ನಾಯಕನಿಗೆ ನಿಷೇಧದ ಎಚ್ಚರಿಕೆಯೂ ಇದೆ. ಕ್ರೀಡಾ ಸ್ಫೂರ್ತಿಗೆ ವಿರುದ್ಧವಾದ ವರ್ತನೆಗೆ ಕಠಿಣ ಕ್ರಮ ಕೈಗೊಳ್ಳುವುದಾಗಿ ಮಂಡಳಿ ಎಚ್ಚರಿಸಿದೆ.
